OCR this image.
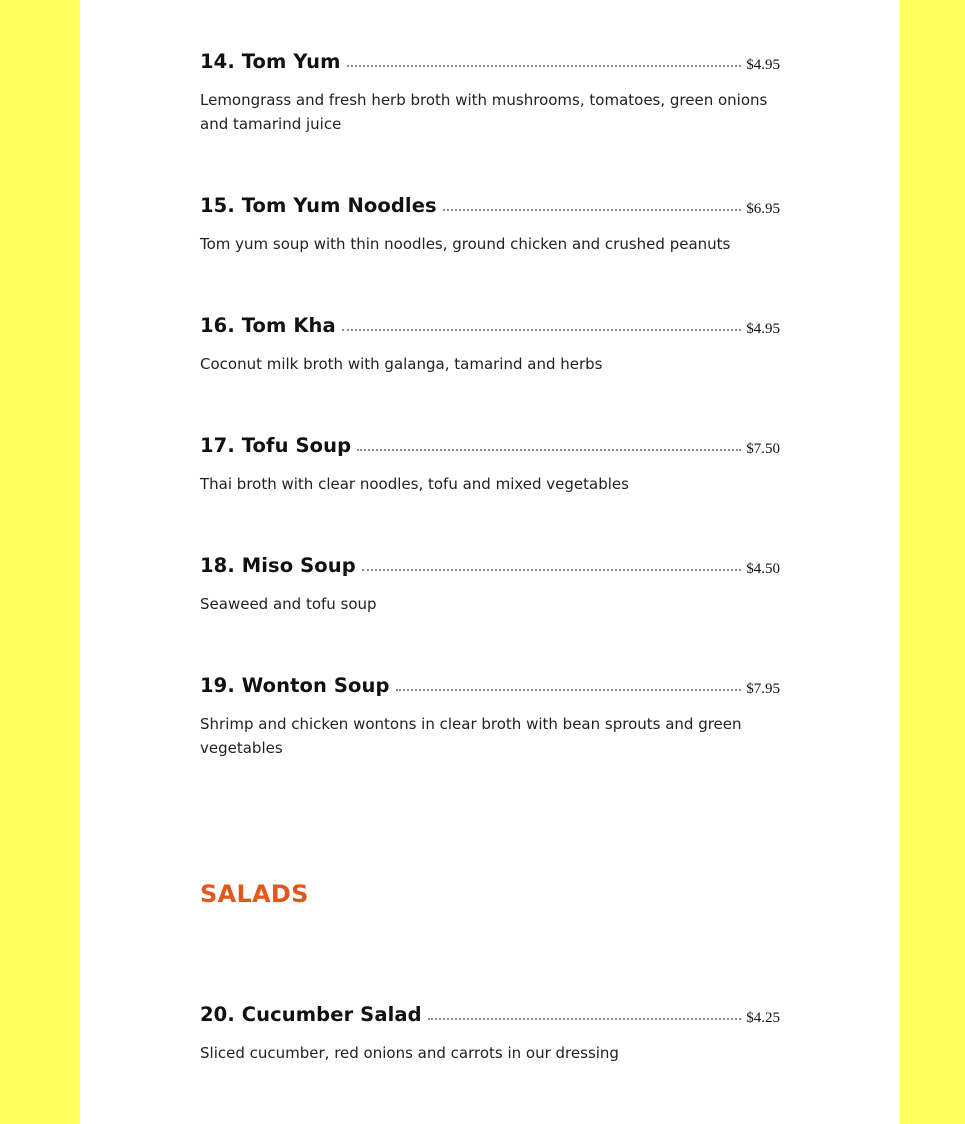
14. Tom Yum	$4.95
Lemongrass and fresh herb broth with mushrooms, tomatoes, green onions and tamarind juice
15. Tom Yum Noodles	$6.95
Tom yum soup with thin noodles, ground chicken and crushed peanuts
16. Tom Kha	$4.95
Coconut milk broth with galanga, tamarind and herbs
17. Tofu Soup	$7.50
Thai broth with clear noodles, tofu and mixed vegetables
18. Miso Soup	$4.50
Seaweed and tofu soup
19. Wonton Soup	$7.95
Shrimp and chicken wontons in clear broth with bean sprouts and green vegetables
SALADS
20. Cucumber Salad	$4.25
Sliced cucumber, red onions and carrots in our dressing
